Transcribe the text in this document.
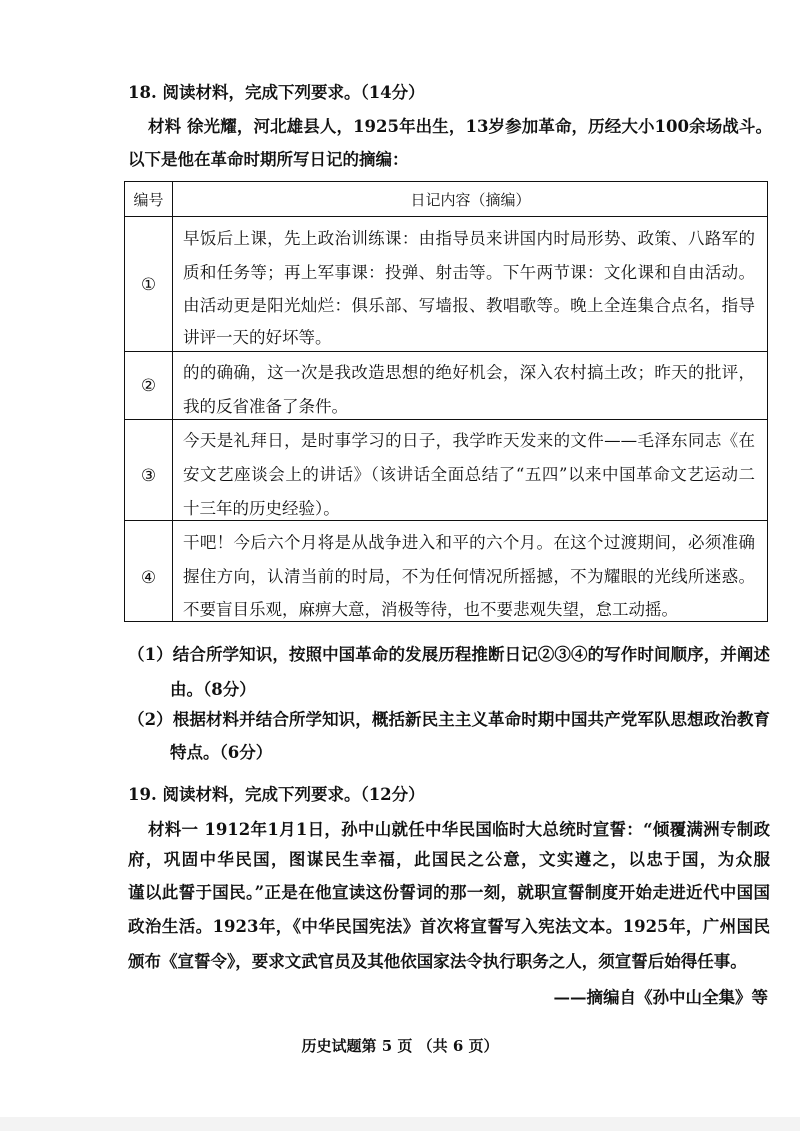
18. 阅读材料，完成下列要求。（14分）
材料 徐光耀，河北雄县人，1925年出生，13岁参加革命，历经大小100余场战斗。
以下是他在革命时期所写日记的摘编：
编号	日记内容（摘编）
①
早饭后上课，先上政治训练课：由指导员来讲国内时局形势、政策、八路军的
质和任务等；再上军事课：投弹、射击等。下午两节课：文化课和自由活动。
由活动更是阳光灿烂：俱乐部、写墙报、教唱歌等。晚上全连集合点名，指导
讲评一天的好坏等。
②
的的确确，这一次是我改造思想的绝好机会，深入农村搞土改；昨天的批评，
我的反省准备了条件。
③
今天是礼拜日，是时事学习的日子，我学昨天发来的文件——毛泽东同志《在
安文艺座谈会上的讲话》（该讲话全面总结了“五四”以来中国革命文艺运动二
十三年的历史经验）。
④
干吧！今后六个月将是从战争进入和平的六个月。在这个过渡期间，必须准确
握住方向，认清当前的时局，不为任何情况所摇撼，不为耀眼的光线所迷惑。
不要盲目乐观，麻痹大意，消极等待，也不要悲观失望，怠工动摇。
（1）结合所学知识，按照中国革命的发展历程推断日记②③④的写作时间顺序，并阐述
由。（8分）
（2）根据材料并结合所学知识，概括新民主主义革命时期中国共产党军队思想政治教育
特点。（6分）
19. 阅读材料，完成下列要求。（12分）
材料一 1912年1月1日，孙中山就任中华民国临时大总统时宣誓：“倾覆满洲专制政
府，巩固中华民国，图谋民生幸福，此国民之公意，文实遵之，以忠于国，为众服
谨以此誓于国民。”正是在他宣读这份誓词的那一刻，就职宣誓制度开始走进近代中国国
政治生活。1923年，《中华民国宪法》首次将宣誓写入宪法文本。1925年，广州国民
颁布《宣誓令》，要求文武官员及其他依国家法令执行职务之人，须宣誓后始得任事。
——摘编自《孙中山全集》等
历史试题第 5 页 （共 6 页）
